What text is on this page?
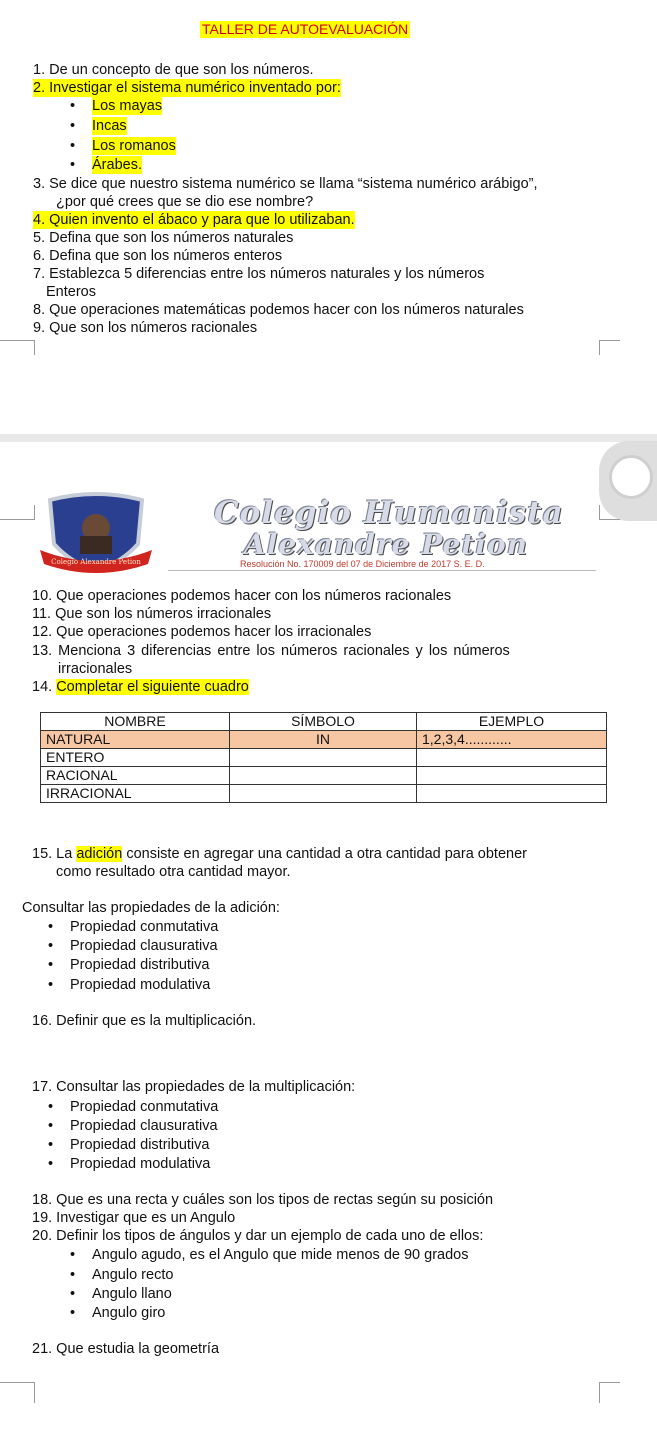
TALLER DE AUTOEVALUACIÓN
1. De un concepto de que son los números.
2. Investigar el sistema numérico inventado por:
• Los mayas
• Incas
• Los romanos
• Árabes.
3. Se dice que nuestro sistema numérico se llama “sistema numérico arábigo”,
¿por qué crees que se dio ese nombre?
4. Quien invento el ábaco y para que lo utilizaban.
5. Defina que son los números naturales
6. Defina que son los números enteros
7. Establezca 5 diferencias entre los números naturales y los números
Enteros
8. Que operaciones matemáticas podemos hacer con los números naturales
9. Que son los números racionales
Colegio Alexandre Petion
Colegio Humanista
Alexandre Petion
Resolución No. 170009 del 07 de Diciembre de 2017 S. E. D.
10. Que operaciones podemos hacer con los números racionales
11. Que son los números irracionales
12. Que operaciones podemos hacer los irracionales
13. Menciona 3 diferencias entre los números racionales y los números
irracionales
14. Completar el siguiente cuadro
NOMBRE	SÍMBOLO	EJEMPLO
NATURAL	IN	1,2,3,4............
ENTERO		
RACIONAL		
IRRACIONAL		
15. La adición consiste en agregar una cantidad a otra cantidad para obtener
como resultado otra cantidad mayor.
Consultar las propiedades de la adición:
• Propiedad conmutativa
• Propiedad clausurativa
• Propiedad distributiva
• Propiedad modulativa
16. Definir que es la multiplicación.
17. Consultar las propiedades de la multiplicación:
• Propiedad conmutativa
• Propiedad clausurativa
• Propiedad distributiva
• Propiedad modulativa
18. Que es una recta y cuáles son los tipos de rectas según su posición
19. Investigar que es un Angulo
20. Definir los tipos de ángulos y dar un ejemplo de cada uno de ellos:
• Angulo agudo, es el Angulo que mide menos de 90 grados
• Angulo recto
• Angulo llano
• Angulo giro
21. Que estudia la geometría
